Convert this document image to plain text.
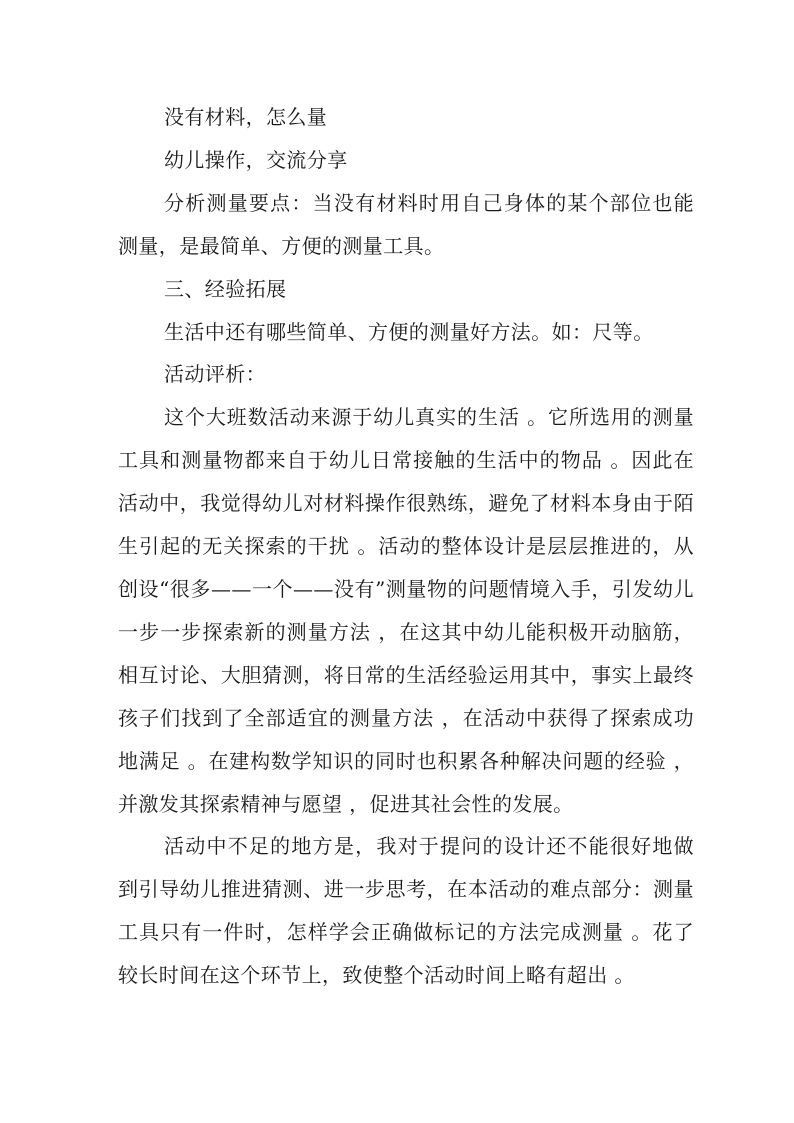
没有材料，怎么量

幼儿操作，交流分享

分析测量要点：当没有材料时用自己身体的某个部位也能测量，是最简单、方便的测量工具。

三、经验拓展

生活中还有哪些简单、方便的测量好方法。如：尺等。

活动评析：

这个大班数活动来源于幼儿真实的生活 。它所选用的测量工具和测量物都来自于幼儿日常接触的生活中的物品 。因此在活动中，我觉得幼儿对材料操作很熟练，避免了材料本身由于陌生引起的无关探索的干扰 。活动的整体设计是层层推进的，从创设“很多——一个——没有”测量物的问题情境入手，引发幼儿一步一步探索新的测量方法 ，在这其中幼儿能积极开动脑筋，相互讨论、大胆猜测，将日常的生活经验运用其中，事实上最终孩子们找到了全部适宜的测量方法 ，在活动中获得了探索成功地满足 。在建构数学知识的同时也积累各种解决问题的经验 ，并激发其探索精神与愿望 ，促进其社会性的发展。

活动中不足的地方是，我对于提问的设计还不能很好地做到引导幼儿推进猜测、进一步思考，在本活动的难点部分：测量工具只有一件时，怎样学会正确做标记的方法完成测量 。花了较长时间在这个环节上，致使整个活动时间上略有超出 。
